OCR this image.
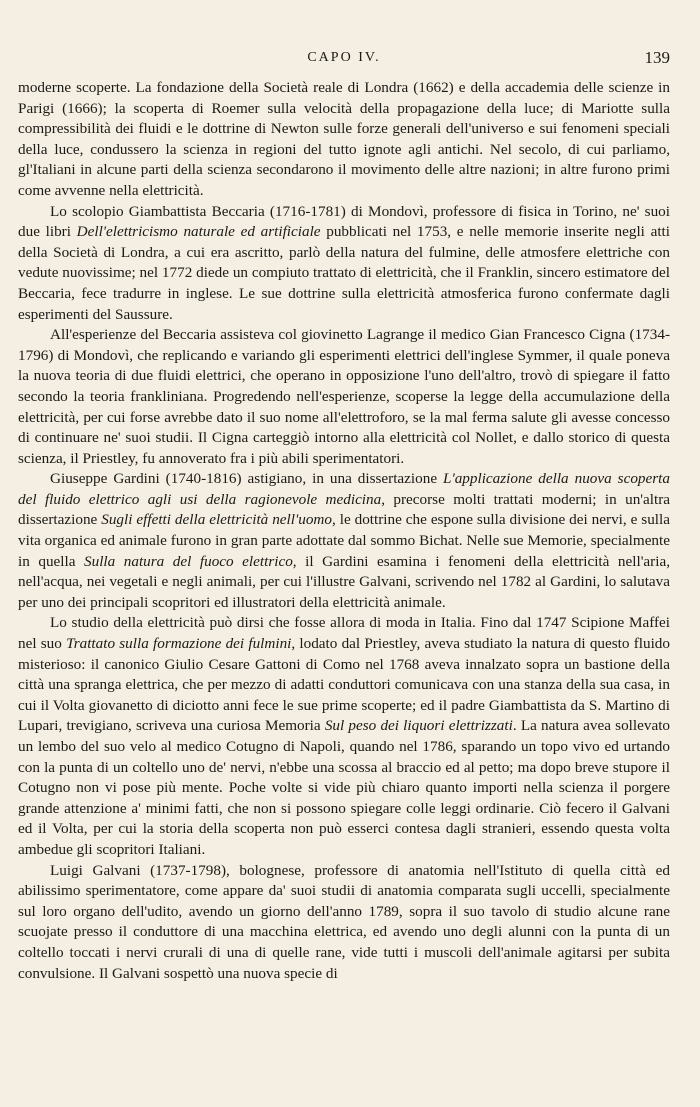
CAPO IV.	139

moderne scoperte. La fondazione della Società reale di Londra (1662) e della accademia delle scienze in Parigi (1666); la scoperta di Roemer sulla velocità della propagazione della luce; di Mariotte sulla compressibilità dei fluidi e le dottrine di Newton sulle forze generali dell'universo e sui fenomeni speciali della luce, condussero la scienza in regioni del tutto ignote agli antichi. Nel secolo, di cui parliamo, gl'Italiani in alcune parti della scienza secondarono il movimento delle altre nazioni; in altre furono primi come avvenne nella elettricità.

Lo scolopio Giambattista Beccaria (1716-1781) di Mondovì, professore di fisica in Torino, ne' suoi due libri Dell'elettricismo naturale ed artificiale pubblicati nel 1753, e nelle memorie inserite negli atti della Società di Londra, a cui era ascritto, parlò della natura del fulmine, delle atmosfere elettriche con vedute nuovissime; nel 1772 diede un compiuto trattato di elettricità, che il Franklin, sincero estimatore del Beccaria, fece tradurre in inglese. Le sue dottrine sulla elettricità atmosferica furono confermate dagli esperimenti del Saussure.

All'esperienze del Beccaria assisteva col giovinetto Lagrange il medico Gian Francesco Cigna (1734-1796) di Mondovì, che replicando e variando gli esperimenti elettrici dell'inglese Symmer, il quale poneva la nuova teoria di due fluidi elettrici, che operano in opposizione l'uno dell'altro, trovò di spiegare il fatto secondo la teoria frankliniana. Progredendo nell'esperienze, scoperse la legge della accumulazione della elettricità, per cui forse avrebbe dato il suo nome all'elettroforo, se la mal ferma salute gli avesse concesso di continuare ne' suoi studii. Il Cigna carteggiò intorno alla elettricità col Nollet, e dallo storico di questa scienza, il Priestley, fu annoverato fra i più abili sperimentatori.

Giuseppe Gardini (1740-1816) astigiano, in una dissertazione L'applicazione della nuova scoperta del fluido elettrico agli usi della ragionevole medicina, precorse molti trattati moderni; in un'altra dissertazione Sugli effetti della elettricità nell'uomo, le dottrine che espone sulla divisione dei nervi, e sulla vita organica ed animale furono in gran parte adottate dal sommo Bichat. Nelle sue Memorie, specialmente in quella Sulla natura del fuoco elettrico, il Gardini esamina i fenomeni della elettricità nell'aria, nell'acqua, nei vegetali e negli animali, per cui l'illustre Galvani, scrivendo nel 1782 al Gardini, lo salutava per uno dei principali scopritori ed illustratori della elettricità animale.

Lo studio della elettricità può dirsi che fosse allora di moda in Italia. Fino dal 1747 Scipione Maffei nel suo Trattato sulla formazione dei fulmini, lodato dal Priestley, aveva studiato la natura di questo fluido misterioso: il canonico Giulio Cesare Gattoni di Como nel 1768 aveva innalzato sopra un bastione della città una spranga elettrica, che per mezzo di adatti conduttori comunicava con una stanza della sua casa, in cui il Volta giovanetto di diciotto anni fece le sue prime scoperte; ed il padre Giambattista da S. Martino di Lupari, trevigiano, scriveva una curiosa Memoria Sul peso dei liquori elettrizzati. La natura avea sollevato un lembo del suo velo al medico Cotugno di Napoli, quando nel 1786, sparando un topo vivo ed urtando con la punta di un coltello uno de' nervi, n'ebbe una scossa al braccio ed al petto; ma dopo breve stupore il Cotugno non vi pose più mente. Poche volte si vide più chiaro quanto importi nella scienza il porgere grande attenzione a' minimi fatti, che non si possono spiegare colle leggi ordinarie. Ciò fecero il Galvani ed il Volta, per cui la storia della scoperta non può esserci contesa dagli stranieri, essendo questa volta ambedue gli scopritori Italiani.

Luigi Galvani (1737-1798), bolognese, professore di anatomia nell'Istituto di quella città ed abilissimo sperimentatore, come appare da' suoi studii di anatomia comparata sugli uccelli, specialmente sul loro organo dell'udito, avendo un giorno dell'anno 1789, sopra il suo tavolo di studio alcune rane scuojate presso il conduttore di una macchina elettrica, ed avendo uno degli alunni con la punta di un coltello toccati i nervi crurali di una di quelle rane, vide tutti i muscoli dell'animale agitarsi per subita convulsione. Il Galvani sospettò una nuova specie di
